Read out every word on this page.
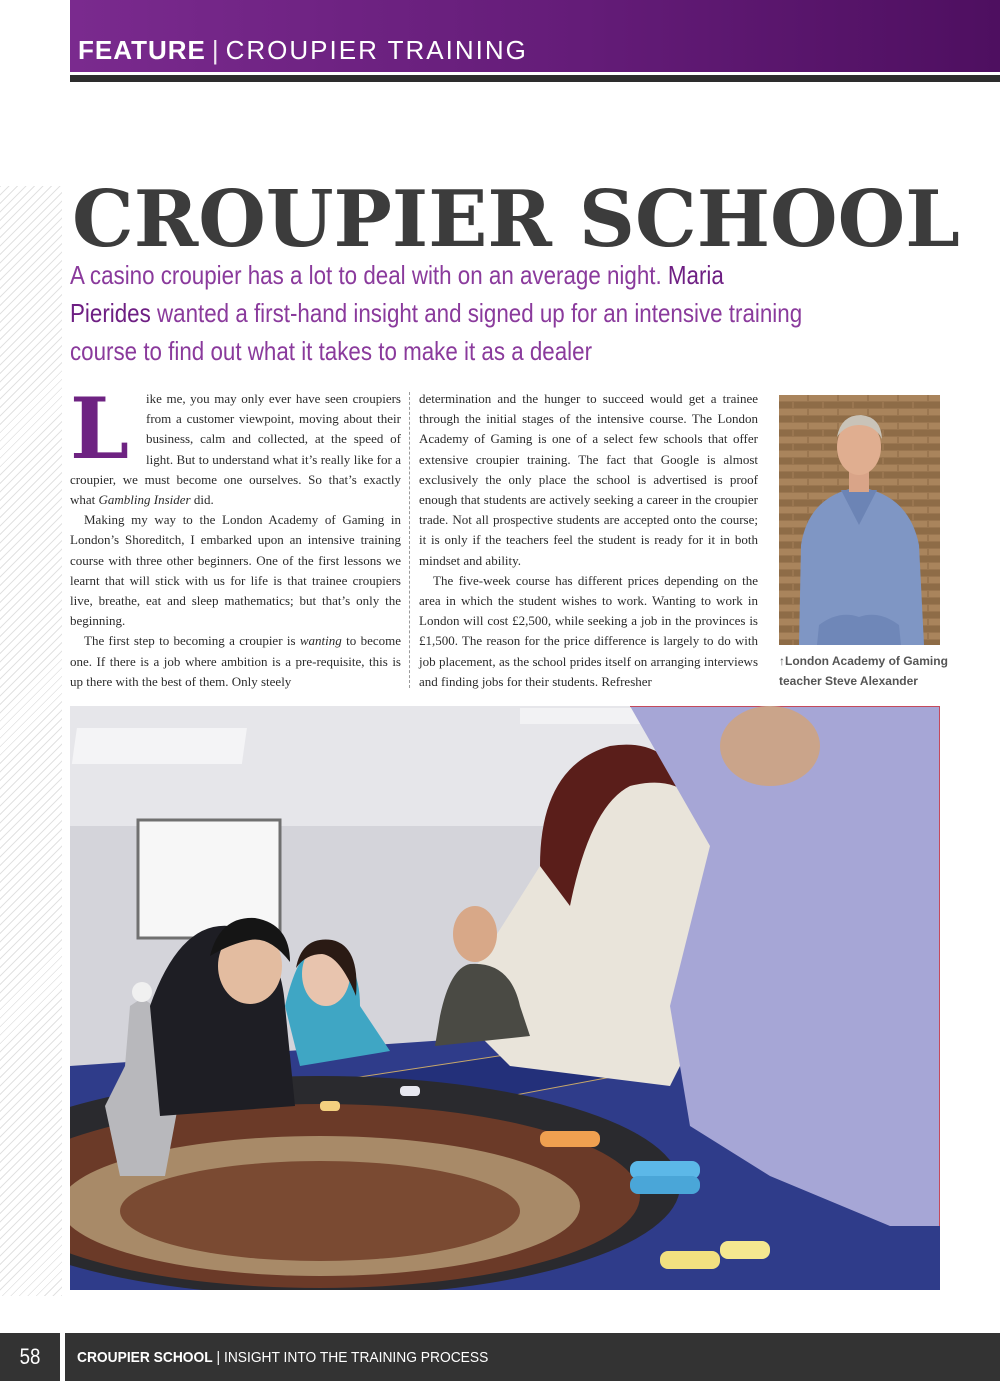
FEATURE | CROUPIER TRAINING
CROUPIER SCHOOL
A casino croupier has a lot to deal with on an average night. Maria Pierides wanted a first-hand insight and signed up for an intensive training course to find out what it takes to make it as a dealer

L	ike me, you may only ever have seen croupiers from a customer viewpoint, moving about their business, calm and collected, at the speed of light. But to understand what it’s really like for a croupier, we must become one ourselves. So that’s exactly what Gambling Insider did.

Making my way to the London Academy of Gaming in London’s Shoreditch, I embarked upon an intensive training course with three other beginners. One of the first lessons we learnt that will stick with us for life is that trainee croupiers live, breathe, eat and sleep mathematics; but that’s only the beginning.

The first step to becoming a croupier is wanting to become one. If there is a job where ambition is a pre-requisite, this is up there with the best of them. Only steely

determination and the hunger to succeed would get a trainee through the initial stages of the intensive course. The London Academy of Gaming is one of a select few schools that offer extensive croupier training. The fact that Google is almost exclusively the only place the school is advertised is proof enough that students are actively seeking a career in the croupier trade. Not all prospective students are accepted onto the course; it is only if the teachers feel the student is ready for it in both mindset and ability.

The five-week course has different prices depending on the area in which the student wishes to work. Wanting to work in London will cost £2,500, while seeking a job in the provinces is £1,500. The reason for the price difference is largely to do with job placement, as the school prides itself on arranging interviews and finding jobs for their students. Refresher

↑London Academy of Gaming teacher Steve Alexander
58	CROUPIER SCHOOL | INSIGHT INTO THE TRAINING PROCESS
